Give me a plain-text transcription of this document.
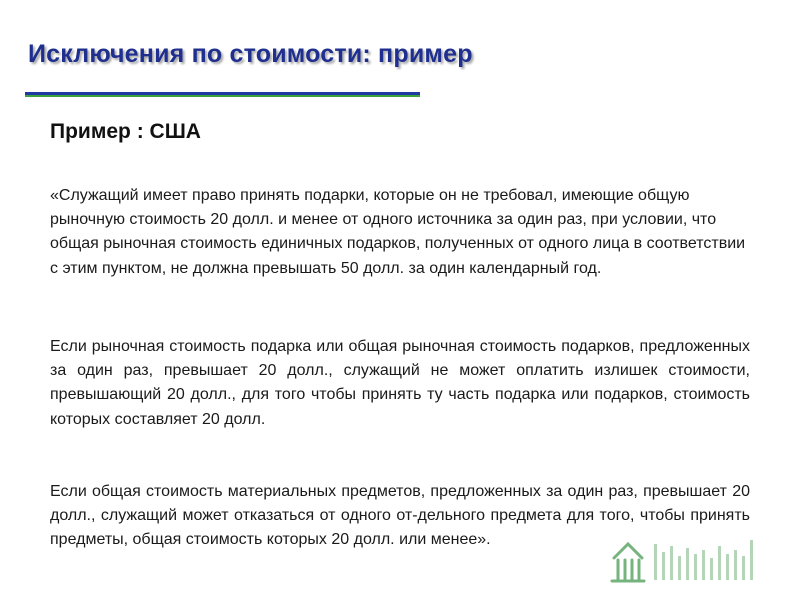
Исключения по стоимости: пример
Пример : США

«Служащий имеет право принять подарки, которые он не требовал, имеющие общую рыночную стоимость 20 долл. и менее от одного источника за один раз, при условии, что общая рыночная стоимость единичных подарков, полученных от одного лица в соответствии с этим пунктом, не должна превышать 50 долл. за один календарный год.

Если рыночная стоимость подарка или общая рыночная стоимость подарков, предложенных за один раз, превышает 20 долл., служащий не может оплатить излишек стоимости, превышающий 20 долл., для того чтобы принять ту часть подарка или подарков, стоимость которых составляет 20 долл.

Если общая стоимость материальных предметов, предложенных за один раз, превышает 20 долл., служащий может отказаться от одного от-дельного предмета для того, чтобы принять предметы, общая стоимость которых 20 долл. или менее».
